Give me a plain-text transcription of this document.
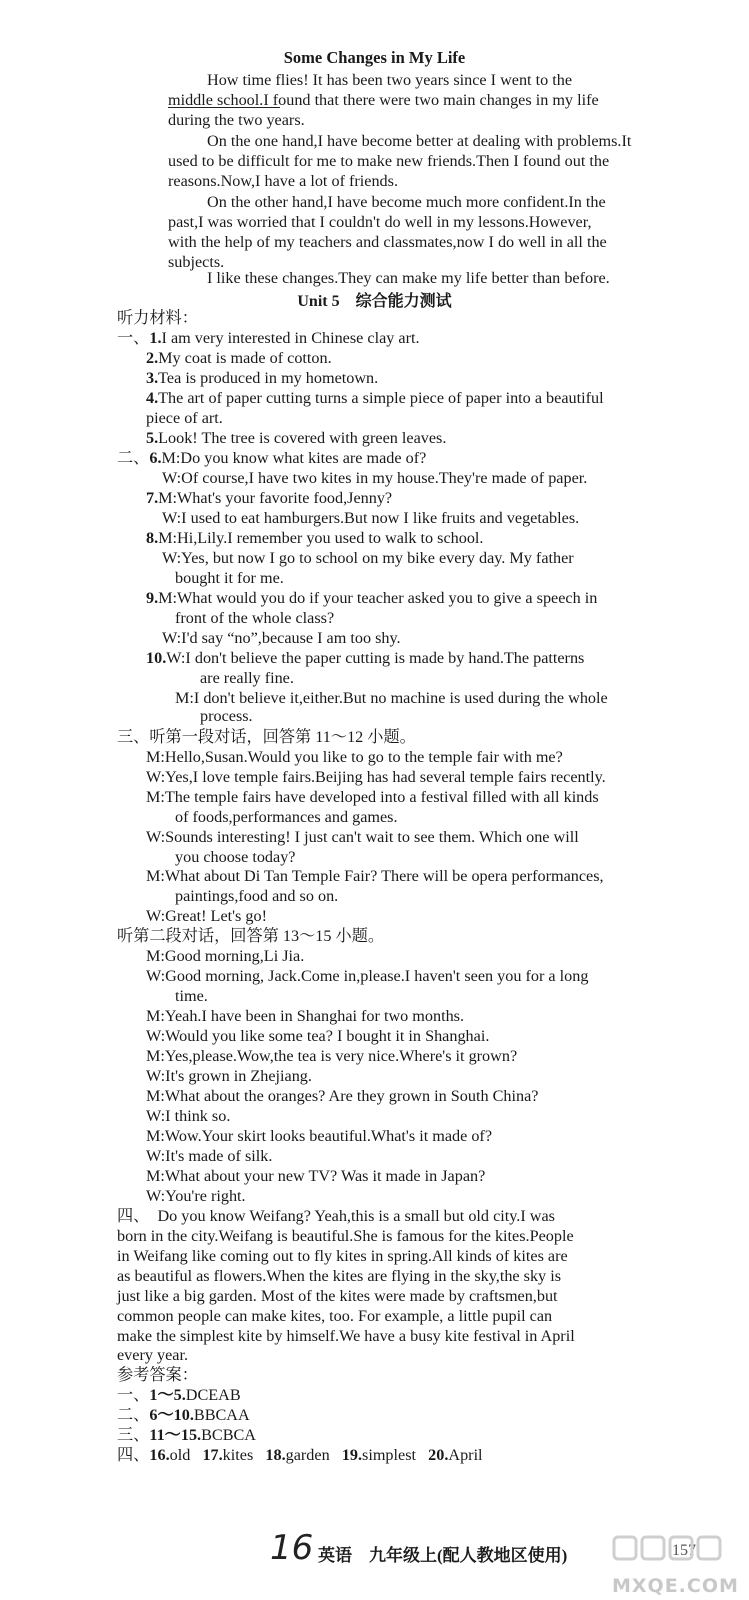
Some Changes in My Life
How time flies! It has been two years since I went to the
middle school.I found that there were two main changes in my life
during the two years.
On the one hand,I have become better at dealing with problems.It
used to be difficult for me to make new friends.Then I found out the
reasons.Now,I have a lot of friends.
On the other hand,I have become much more confident.In the
past,I was worried that I couldn't do well in my lessons.However,
with the help of my teachers and classmates,now I do well in all the
subjects.
I like these changes.They can make my life better than before.
Unit 5　综合能力测试
听力材料：
一、1.I am very interested in Chinese clay art.
2.My coat is made of cotton.
3.Tea is produced in my hometown.
4.The art of paper cutting turns a simple piece of paper into a beautiful
piece of art.
5.Look! The tree is covered with green leaves.
二、6.M:Do you know what kites are made of?
W:Of course,I have two kites in my house.They're made of paper.
7.M:What's your favorite food,Jenny?
W:I used to eat hamburgers.But now I like fruits and vegetables.
8.M:Hi,Lily.I remember you used to walk to school.
W:Yes, but now I go to school on my bike every day. My father
bought it for me.
9.M:What would you do if your teacher asked you to give a speech in
front of the whole class?
W:I'd say “no”,because I am too shy.
10.W:I don't believe the paper cutting is made by hand.The patterns
are really fine.
M:I don't believe it,either.But no machine is used during the whole
process.
三、听第一段对话，回答第 11～12 小题。
M:Hello,Susan.Would you like to go to the temple fair with me?
W:Yes,I love temple fairs.Beijing has had several temple fairs recently.
M:The temple fairs have developed into a festival filled with all kinds
of foods,performances and games.
W:Sounds interesting! I just can't wait to see them. Which one will
you choose today?
M:What about Di Tan Temple Fair? There will be opera performances,
paintings,food and so on.
W:Great! Let's go!
听第二段对话，回答第 13～15 小题。
M:Good morning,Li Jia.
W:Good morning, Jack.Come in,please.I haven't seen you for a long
time.
M:Yeah.I have been in Shanghai for two months.
W:Would you like some tea? I bought it in Shanghai.
M:Yes,please.Wow,the tea is very nice.Where's it grown?
W:It's grown in Zhejiang.
M:What about the oranges? Are they grown in South China?
W:I think so.
M:Wow.Your skirt looks beautiful.What's it made of?
W:It's made of silk.
M:What about your new TV? Was it made in Japan?
W:You're right.
四、　Do you know Weifang? Yeah,this is a small but old city.I was
born in the city.Weifang is beautiful.She is famous for the kites.People
in Weifang like coming out to fly kites in spring.All kinds of kites are
as beautiful as flowers.When the kites are flying in the sky,the sky is
just like a big garden. Most of the kites were made by craftsmen,but
common people can make kites, too. For example, a little pupil can
make the simplest kite by himself.We have a busy kite festival in April
every year.
参考答案：
一、1～5.DCEAB
二、6～10.BBCAA
三、11～15.BCBCA
四、16.old 17.kites 18.garden 19.simplest 20.April
16 英语　九年级上(配人教地区使用)	157
MXQE.COM
